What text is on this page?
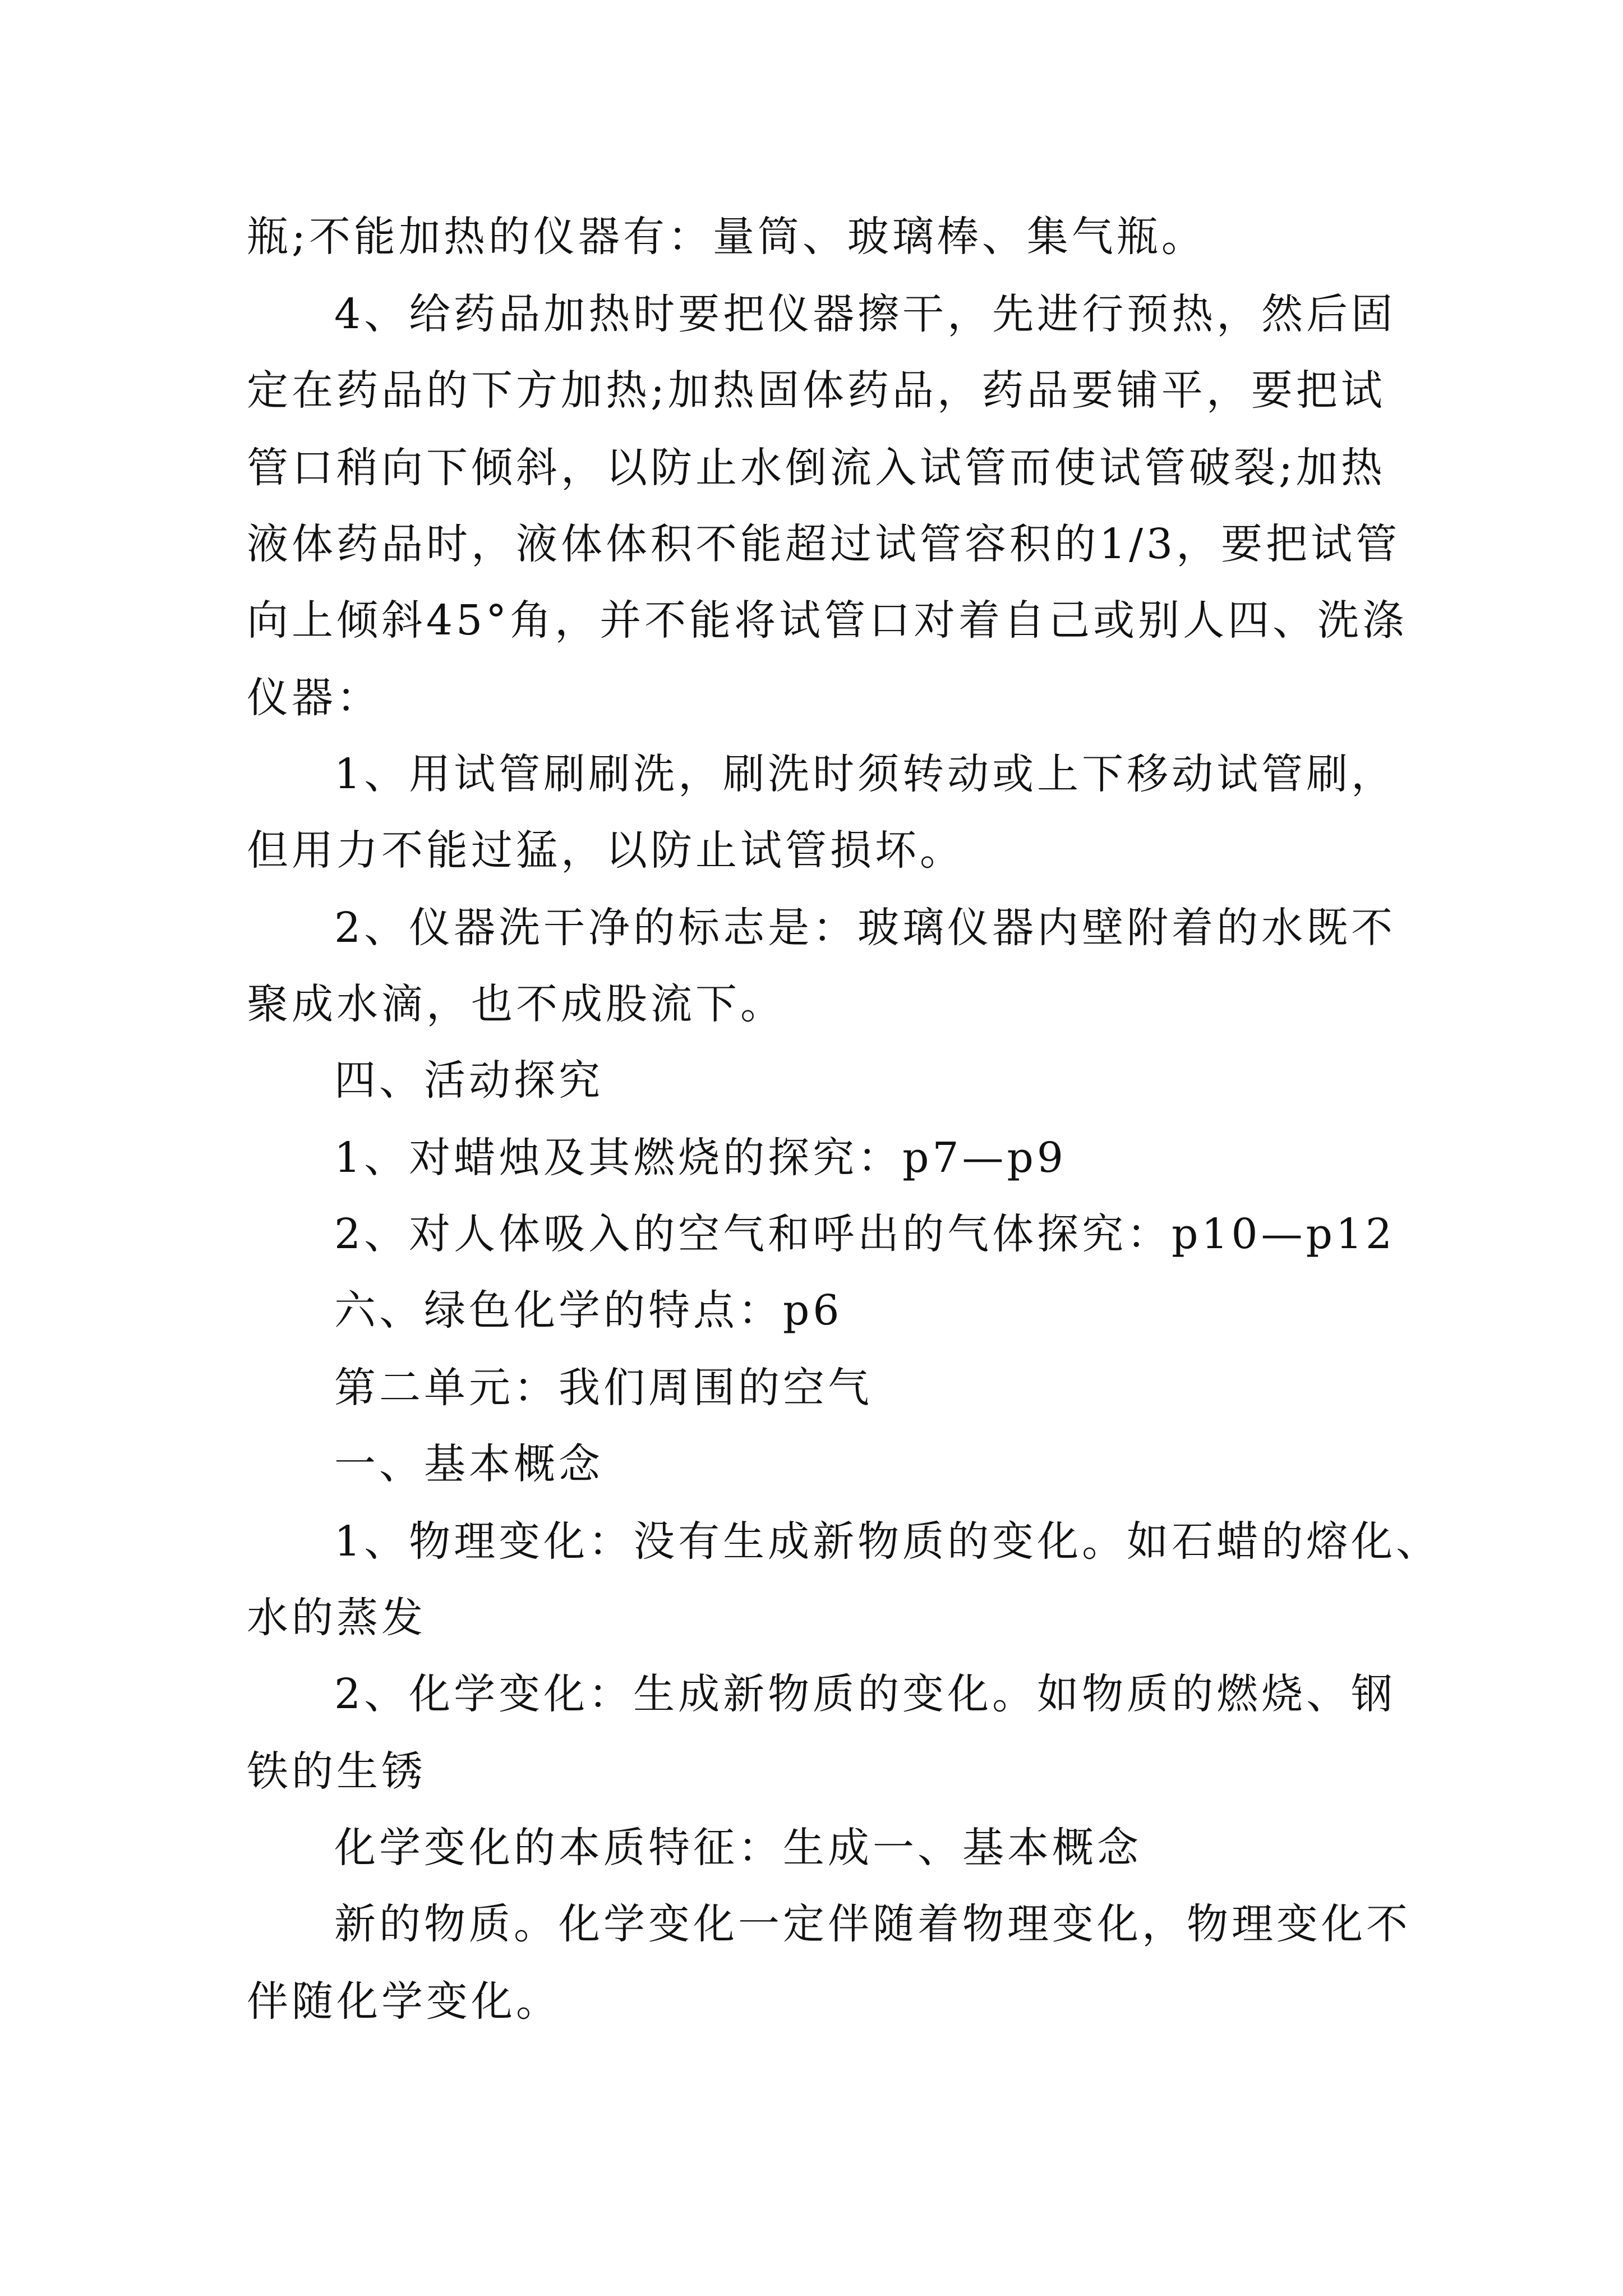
瓶;不能加热的仪器有：量筒、玻璃棒、集气瓶。
4、给药品加热时要把仪器擦干，先进行预热，然后固
定在药品的下方加热;加热固体药品，药品要铺平，要把试
管口稍向下倾斜，以防止水倒流入试管而使试管破裂;加热
液体药品时，液体体积不能超过试管容积的1/3，要把试管
向上倾斜45°角，并不能将试管口对着自己或别人四、洗涤
仪器：
1、用试管刷刷洗，刷洗时须转动或上下移动试管刷，
但用力不能过猛，以防止试管损坏。
2、仪器洗干净的标志是：玻璃仪器内壁附着的水既不
聚成水滴，也不成股流下。
四、活动探究
1、对蜡烛及其燃烧的探究：p7—p9
2、对人体吸入的空气和呼出的气体探究：p10—p12
六、绿色化学的特点：p6
第二单元：我们周围的空气
一、基本概念
1、物理变化：没有生成新物质的变化。如石蜡的熔化、
水的蒸发
2、化学变化：生成新物质的变化。如物质的燃烧、钢
铁的生锈
化学变化的本质特征：生成一、基本概念
新的物质。化学变化一定伴随着物理变化，物理变化不
伴随化学变化。
